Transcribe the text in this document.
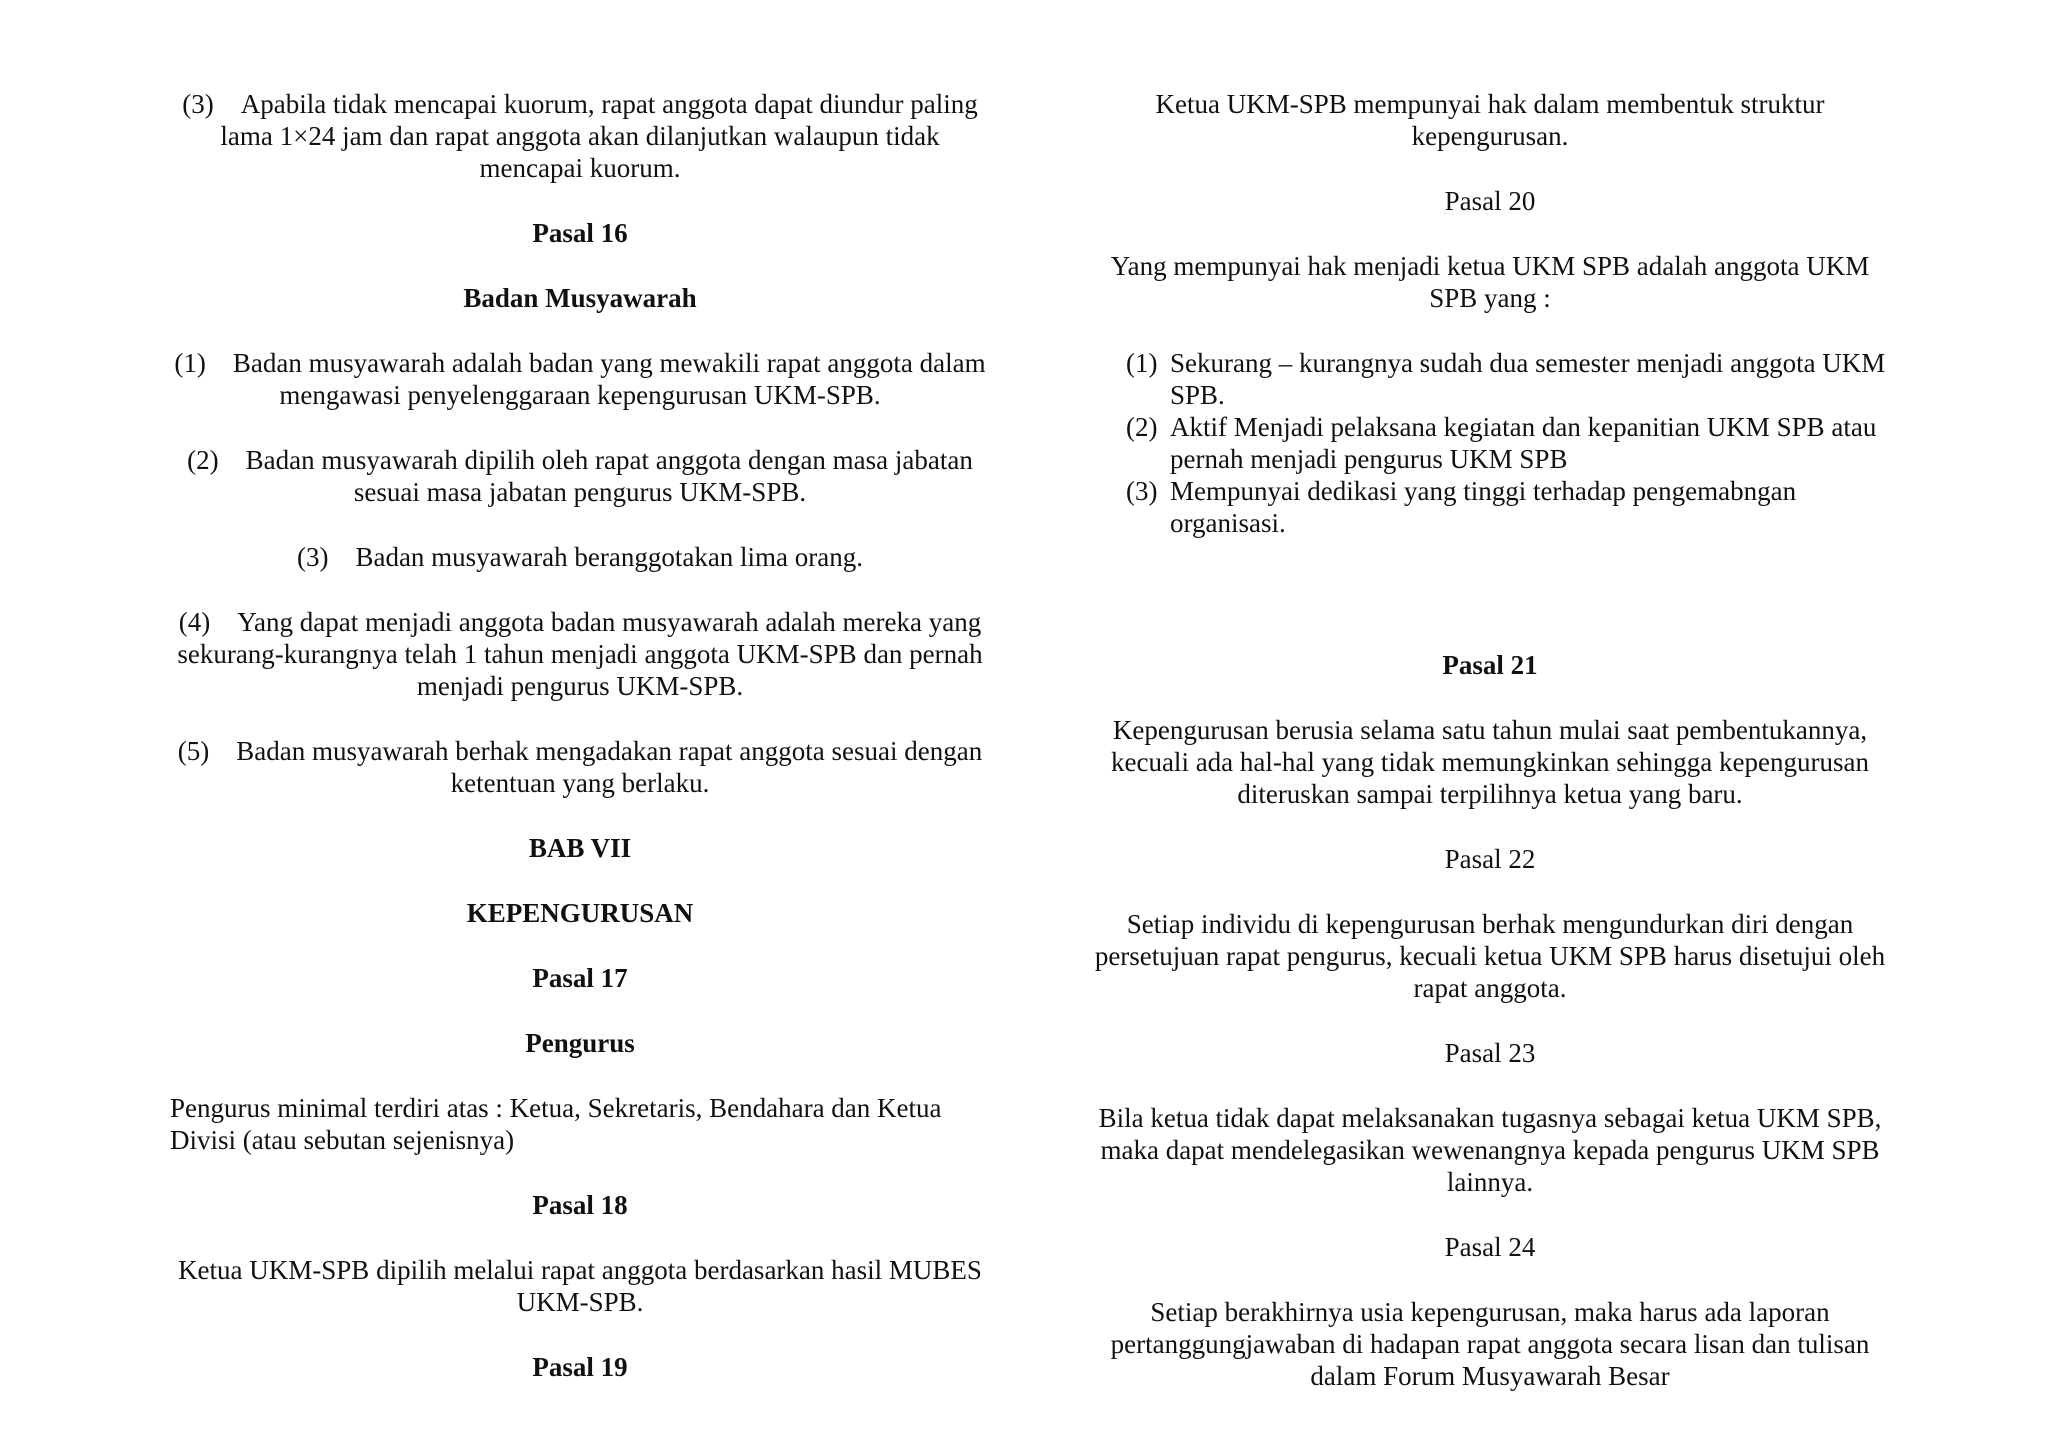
(3)    Apabila tidak mencapai kuorum, rapat anggota dapat diundur paling lama 1×24 jam dan rapat anggota akan dilanjutkan walaupun tidak mencapai kuorum.

Pasal 16

Badan Musyawarah

(1)    Badan musyawarah adalah badan yang mewakili rapat anggota dalam mengawasi penyelenggaraan kepengurusan UKM-SPB.

(2)    Badan musyawarah dipilih oleh rapat anggota dengan masa jabatan sesuai masa jabatan pengurus UKM-SPB.

(3)    Badan musyawarah beranggotakan lima orang.

(4)    Yang dapat menjadi anggota badan musyawarah adalah mereka yang sekurang-kurangnya telah 1 tahun menjadi anggota UKM-SPB dan pernah menjadi pengurus UKM-SPB.

(5)    Badan musyawarah berhak mengadakan rapat anggota sesuai dengan ketentuan yang berlaku.

BAB VII

KEPENGURUSAN

Pasal 17

Pengurus

Pengurus minimal terdiri atas : Ketua, Sekretaris, Bendahara dan Ketua Divisi (atau sebutan sejenisnya)

Pasal 18

Ketua UKM-SPB dipilih melalui rapat anggota berdasarkan hasil MUBES UKM-SPB.

Pasal 19

Ketua UKM-SPB mempunyai hak dalam membentuk struktur kepengurusan.

Pasal 20

Yang mempunyai hak menjadi ketua UKM SPB adalah anggota UKM SPB yang :

(1) Sekurang – kurangnya sudah dua semester menjadi anggota UKM SPB.
(2) Aktif Menjadi pelaksana kegiatan dan kepanitian UKM SPB atau pernah menjadi pengurus UKM SPB
(3) Mempunyai dedikasi yang tinggi terhadap pengemabngan organisasi.

Pasal 21

Kepengurusan berusia selama satu tahun mulai saat pembentukannya, kecuali ada hal-hal yang tidak memungkinkan sehingga kepengurusan diteruskan sampai terpilihnya ketua yang baru.

Pasal 22

Setiap individu di kepengurusan berhak mengundurkan diri dengan persetujuan rapat pengurus, kecuali ketua UKM SPB harus disetujui oleh rapat anggota.

Pasal 23

Bila ketua tidak dapat melaksanakan tugasnya sebagai ketua UKM SPB, maka dapat mendelegasikan wewenangnya kepada pengurus UKM SPB lainnya.

Pasal 24

Setiap berakhirnya usia kepengurusan, maka harus ada laporan pertanggungjawaban di hadapan rapat anggota secara lisan dan tulisan dalam Forum Musyawarah Besar
